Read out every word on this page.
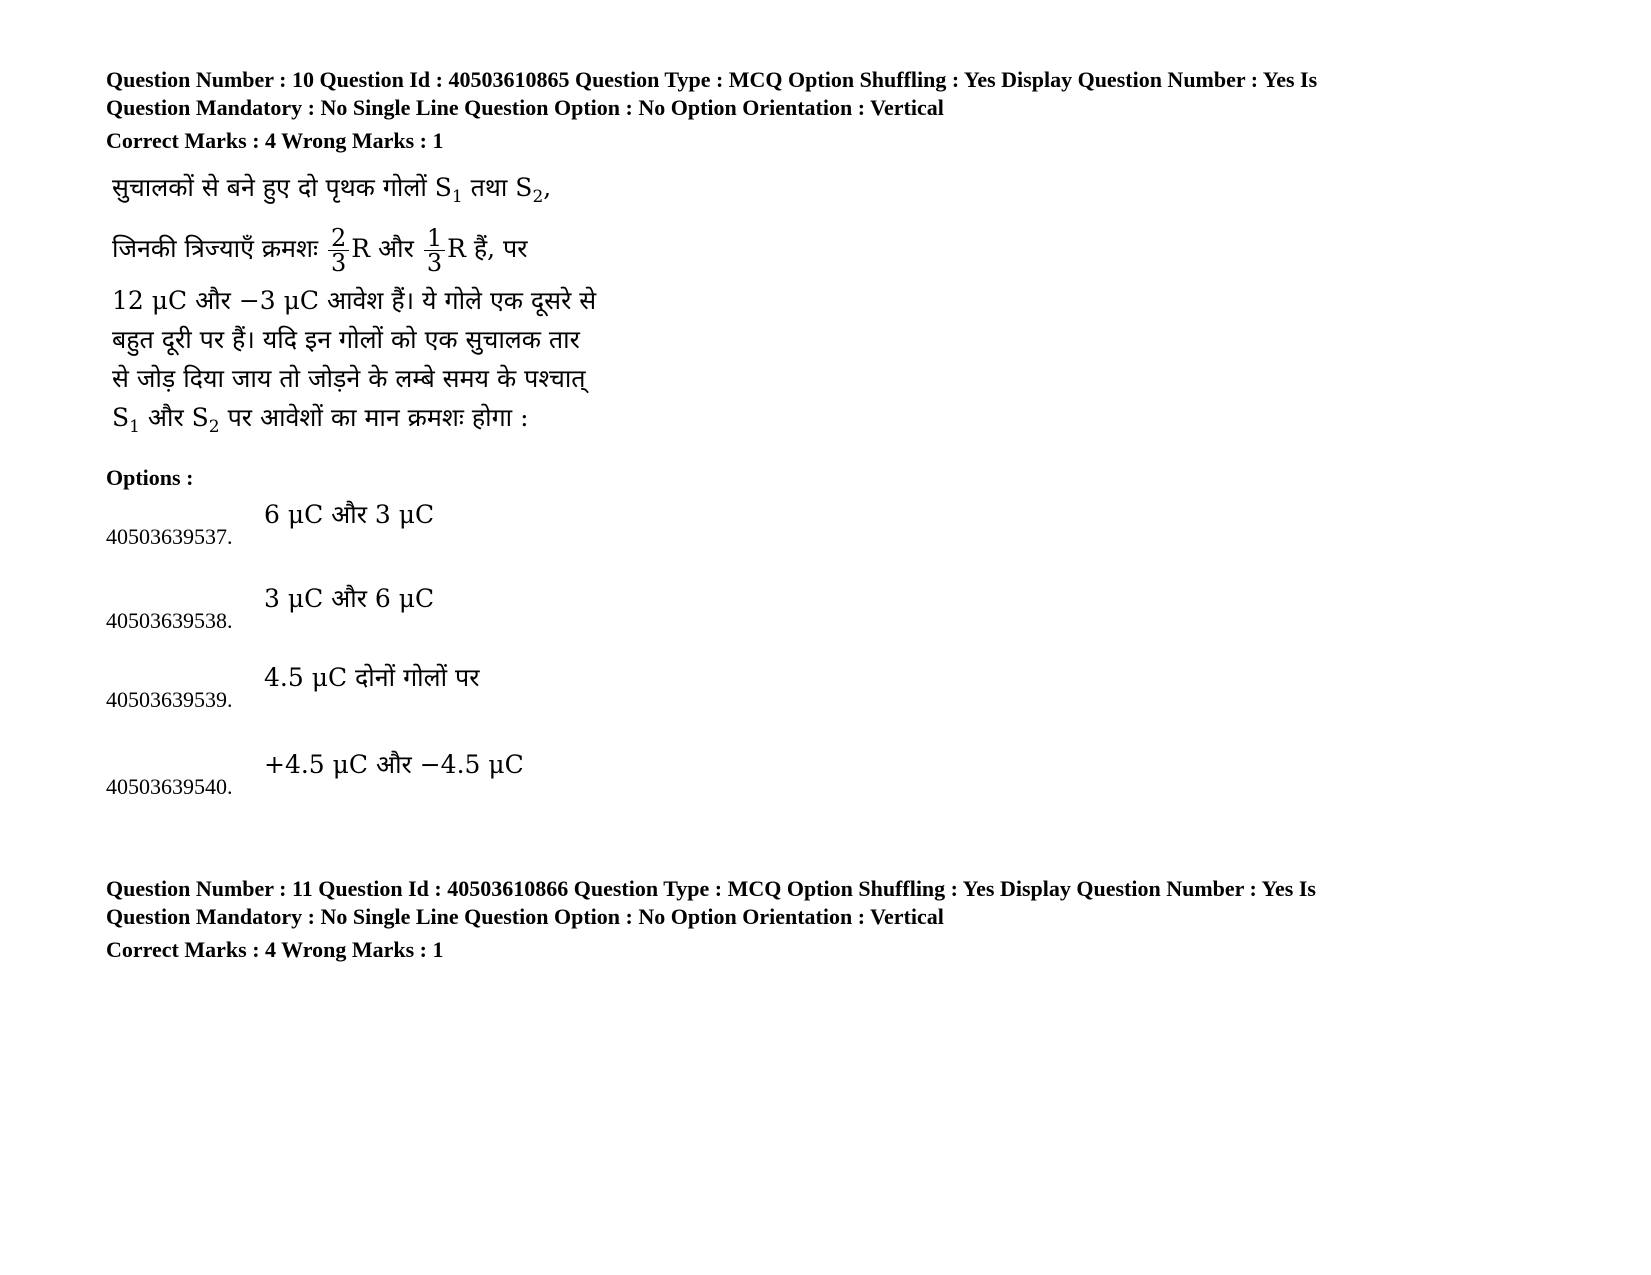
Question Number : 10 Question Id : 40503610865 Question Type : MCQ Option Shuffling : Yes Display Question Number : Yes Is
Question Mandatory : No Single Line Question Option : No Option Orientation : Vertical
Correct Marks : 4 Wrong Marks : 1
सुचालकों से बने हुए दो पृथक गोलों $S_1$ तथा $S_2$,
जिनकी त्रिज्याएँ क्रमशः $\frac{2}{3}$ R और $\frac{1}{3}$ R हैं, पर
12 μC और −3 μC आवेश हैं। ये गोले एक दूसरे से
बहुत दूरी पर हैं। यदि इन गोलों को एक सुचालक तार
से जोड़ दिया जाय तो जोड़ने के लम्बे समय के पश्चात्
$S_1$ और $S_2$ पर आवेशों का मान क्रमशः होगा :
Options :
40503639537.
6 μC और 3 μC
40503639538.
3 μC और 6 μC
40503639539.
4.5 μC दोनों गोलों पर
40503639540.
+4.5 μC और −4.5 μC
Question Number : 11 Question Id : 40503610866 Question Type : MCQ Option Shuffling : Yes Display Question Number : Yes Is
Question Mandatory : No Single Line Question Option : No Option Orientation : Vertical
Correct Marks : 4 Wrong Marks : 1
